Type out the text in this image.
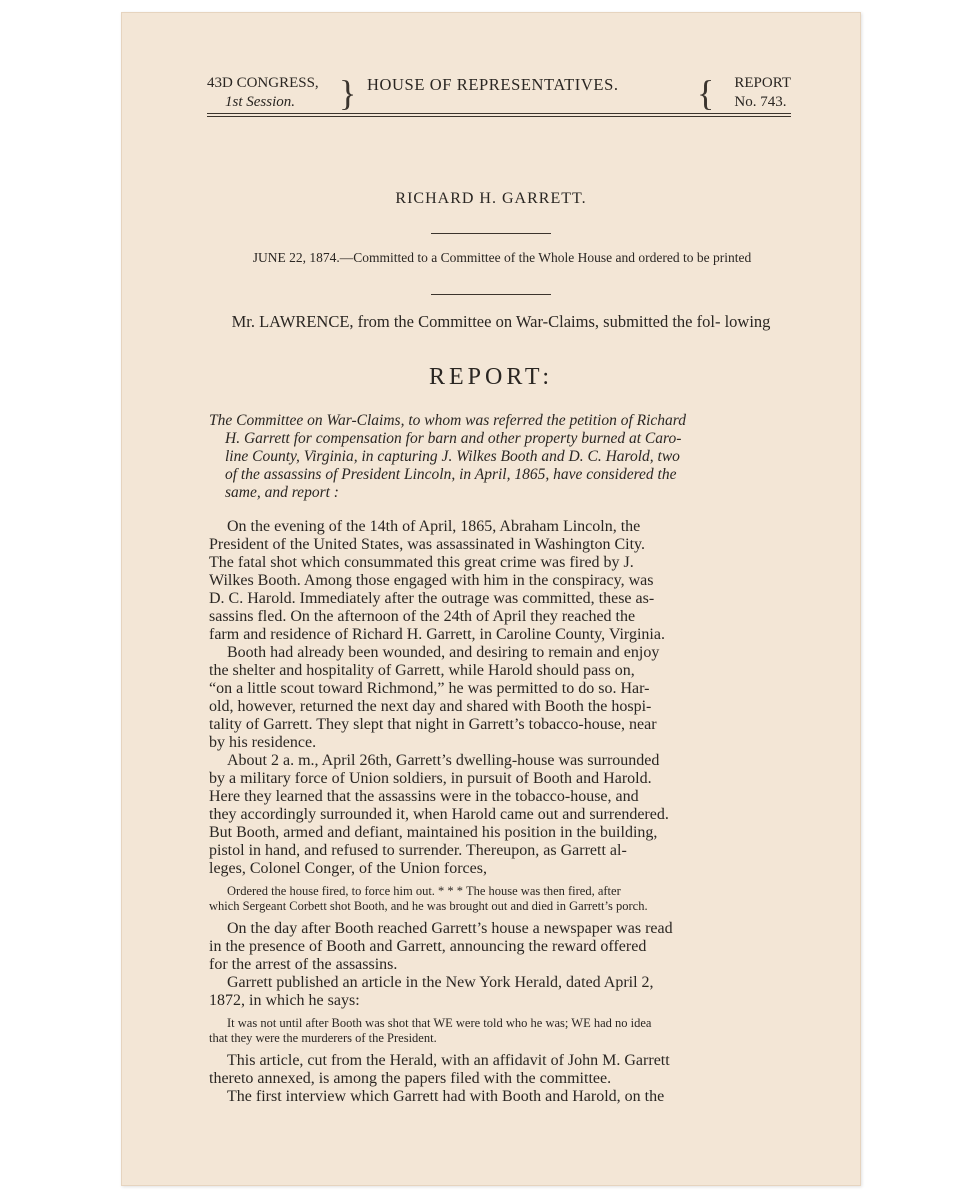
43D CONGRESS,
1st Session.	} HOUSE OF REPRESENTATIVES. { REPORT
No. 743.
RICHARD H. GARRETT.
JUNE 22, 1874.—Committed to a Committee of the Whole House and ordered to be printed
Mr. LAWRENCE, from the Committee on War-Claims, submitted the fol- lowing
REPORT:
The Committee on War-Claims, to whom was referred the petition of Richard
H. Garrett for compensation for barn and other property burned at Caro-
line County, Virginia, in capturing J. Wilkes Booth and D. C. Harold, two
of the assassins of President Lincoln, in April, 1865, have considered the
same, and report :
On the evening of the 14th of April, 1865, Abraham Lincoln, the
President of the United States, was assassinated in Washington City.
The fatal shot which consummated this great crime was fired by J.
Wilkes Booth. Among those engaged with him in the conspiracy, was
D. C. Harold. Immediately after the outrage was committed, these as-
sassins fled. On the afternoon of the 24th of April they reached the
farm and residence of Richard H. Garrett, in Caroline County, Virginia.
Booth had already been wounded, and desiring to remain and enjoy
the shelter and hospitality of Garrett, while Harold should pass on,
“on a little scout toward Richmond,” he was permitted to do so. Har-
old, however, returned the next day and shared with Booth the hospi-
tality of Garrett. They slept that night in Garrett’s tobacco-house, near
by his residence.
About 2 a. m., April 26th, Garrett’s dwelling-house was surrounded
by a military force of Union soldiers, in pursuit of Booth and Harold.
Here they learned that the assassins were in the tobacco-house, and
they accordingly surrounded it, when Harold came out and surrendered.
But Booth, armed and defiant, maintained his position in the building,
pistol in hand, and refused to surrender. Thereupon, as Garrett al-
leges, Colonel Conger, of the Union forces,
Ordered the house fired, to force him out. * * * The house was then fired, after
which Sergeant Corbett shot Booth, and he was brought out and died in Garrett’s porch.
On the day after Booth reached Garrett’s house a newspaper was read
in the presence of Booth and Garrett, announcing the reward offered
for the arrest of the assassins.
Garrett published an article in the New York Herald, dated April 2,
1872, in which he says:
It was not until after Booth was shot that WE were told who he was; WE had no idea
that they were the murderers of the President.
This article, cut from the Herald, with an affidavit of John M. Garrett
thereto annexed, is among the papers filed with the committee.
The first interview which Garrett had with Booth and Harold, on the
